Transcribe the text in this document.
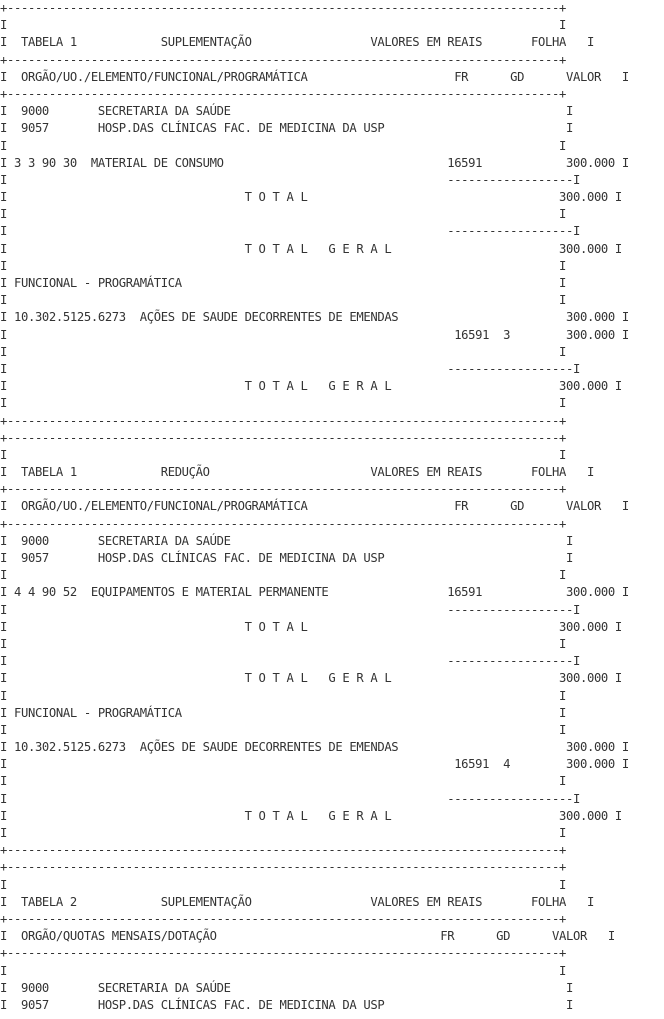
+-------------------------------------------------------------------------------+
I                                                                               I
I  TABELA 1            SUPLEMENTAÇÃO                 VALORES EM REAIS       FOLHA   I
+-------------------------------------------------------------------------------+
I  ORGÃO/UO./ELEMENTO/FUNCIONAL/PROGRAMÁTICA                     FR      GD      VALOR   I
+-------------------------------------------------------------------------------+
I  9000       SECRETARIA DA SAÚDE                                                I
I  9057       HOSP.DAS CLÍNICAS FAC. DE MEDICINA DA USP                          I
I                                                                               I
I 3 3 90 30  MATERIAL DE CONSUMO                                16591            300.000 I
I                                                               ------------------I
I                                  T O T A L                                    300.000 I
I                                                                               I
I                                                               ------------------I
I                                  T O T A L   G E R A L                        300.000 I
I                                                                               I
I FUNCIONAL - PROGRAMÁTICA                                                      I
I                                                                               I
I 10.302.5125.6273  AÇÕES DE SAUDE DECORRENTES DE EMENDAS                        300.000 I
I                                                                16591  3        300.000 I
I                                                                               I
I                                                               ------------------I
I                                  T O T A L   G E R A L                        300.000 I
I                                                                               I
+-------------------------------------------------------------------------------+
+-------------------------------------------------------------------------------+
I                                                                               I
I  TABELA 1            REDUÇÃO                       VALORES EM REAIS       FOLHA   I
+-------------------------------------------------------------------------------+
I  ORGÃO/UO./ELEMENTO/FUNCIONAL/PROGRAMÁTICA                     FR      GD      VALOR   I
+-------------------------------------------------------------------------------+
I  9000       SECRETARIA DA SAÚDE                                                I
I  9057       HOSP.DAS CLÍNICAS FAC. DE MEDICINA DA USP                          I
I                                                                               I
I 4 4 90 52  EQUIPAMENTOS E MATERIAL PERMANENTE                 16591            300.000 I
I                                                               ------------------I
I                                  T O T A L                                    300.000 I
I                                                                               I
I                                                               ------------------I
I                                  T O T A L   G E R A L                        300.000 I
I                                                                               I
I FUNCIONAL - PROGRAMÁTICA                                                      I
I                                                                               I
I 10.302.5125.6273  AÇÕES DE SAUDE DECORRENTES DE EMENDAS                        300.000 I
I                                                                16591  4        300.000 I
I                                                                               I
I                                                               ------------------I
I                                  T O T A L   G E R A L                        300.000 I
I                                                                               I
+-------------------------------------------------------------------------------+
+-------------------------------------------------------------------------------+
I                                                                               I
I  TABELA 2            SUPLEMENTAÇÃO                 VALORES EM REAIS       FOLHA   I
+-------------------------------------------------------------------------------+
I  ORGÃO/QUOTAS MENSAIS/DOTAÇÃO                                FR      GD      VALOR   I
+-------------------------------------------------------------------------------+
I                                                                               I
I  9000       SECRETARIA DA SAÚDE                                                I
I  9057       HOSP.DAS CLÍNICAS FAC. DE MEDICINA DA USP                          I
